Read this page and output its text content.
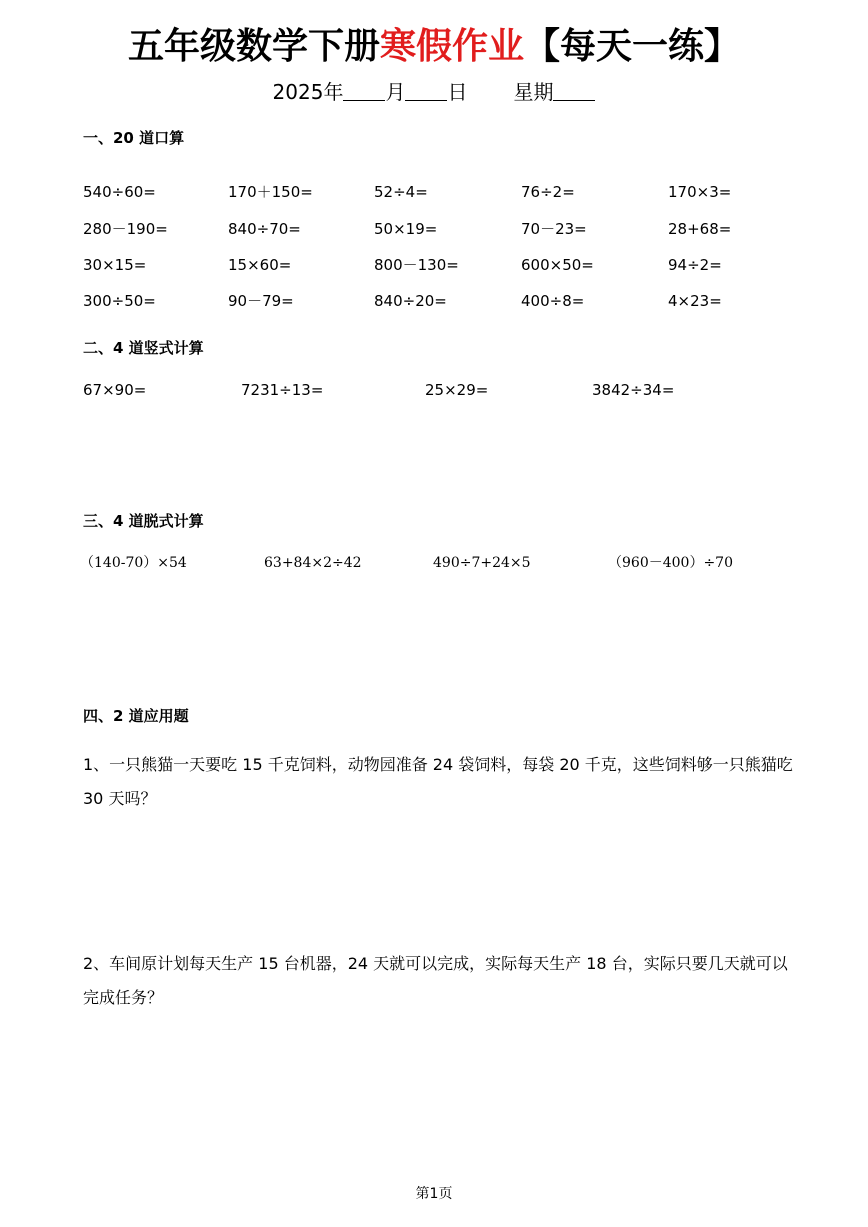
五年级数学下册寒假作业【每天一练】
2025年 月 日 星期
一、20 道口算
540÷60=	170＋150=	52÷4=	76÷2=	170×3=
280－190=	840÷70=	50×19=	70－23=	28+68=
30×15=	15×60=	800－130=	600×50=	94÷2=
300÷50=	90－79=	840÷20=	400÷8=	4×23=
二、4 道竖式计算
67×90=	7231÷13=	25×29=	3842÷34=
三、4 道脱式计算
（140-70）×54	63+84×2÷42	490÷7+24×5	（960－400）÷70
四、2 道应用题
1、一只熊猫一天要吃 15 千克饲料，动物园准备 24 袋饲料，每袋 20 千克，这些饲料够一只熊猫吃 30 天吗？
2、车间原计划每天生产 15 台机器，24 天就可以完成，实际每天生产 18 台，实际只要几天就可以完成任务？
第1页
